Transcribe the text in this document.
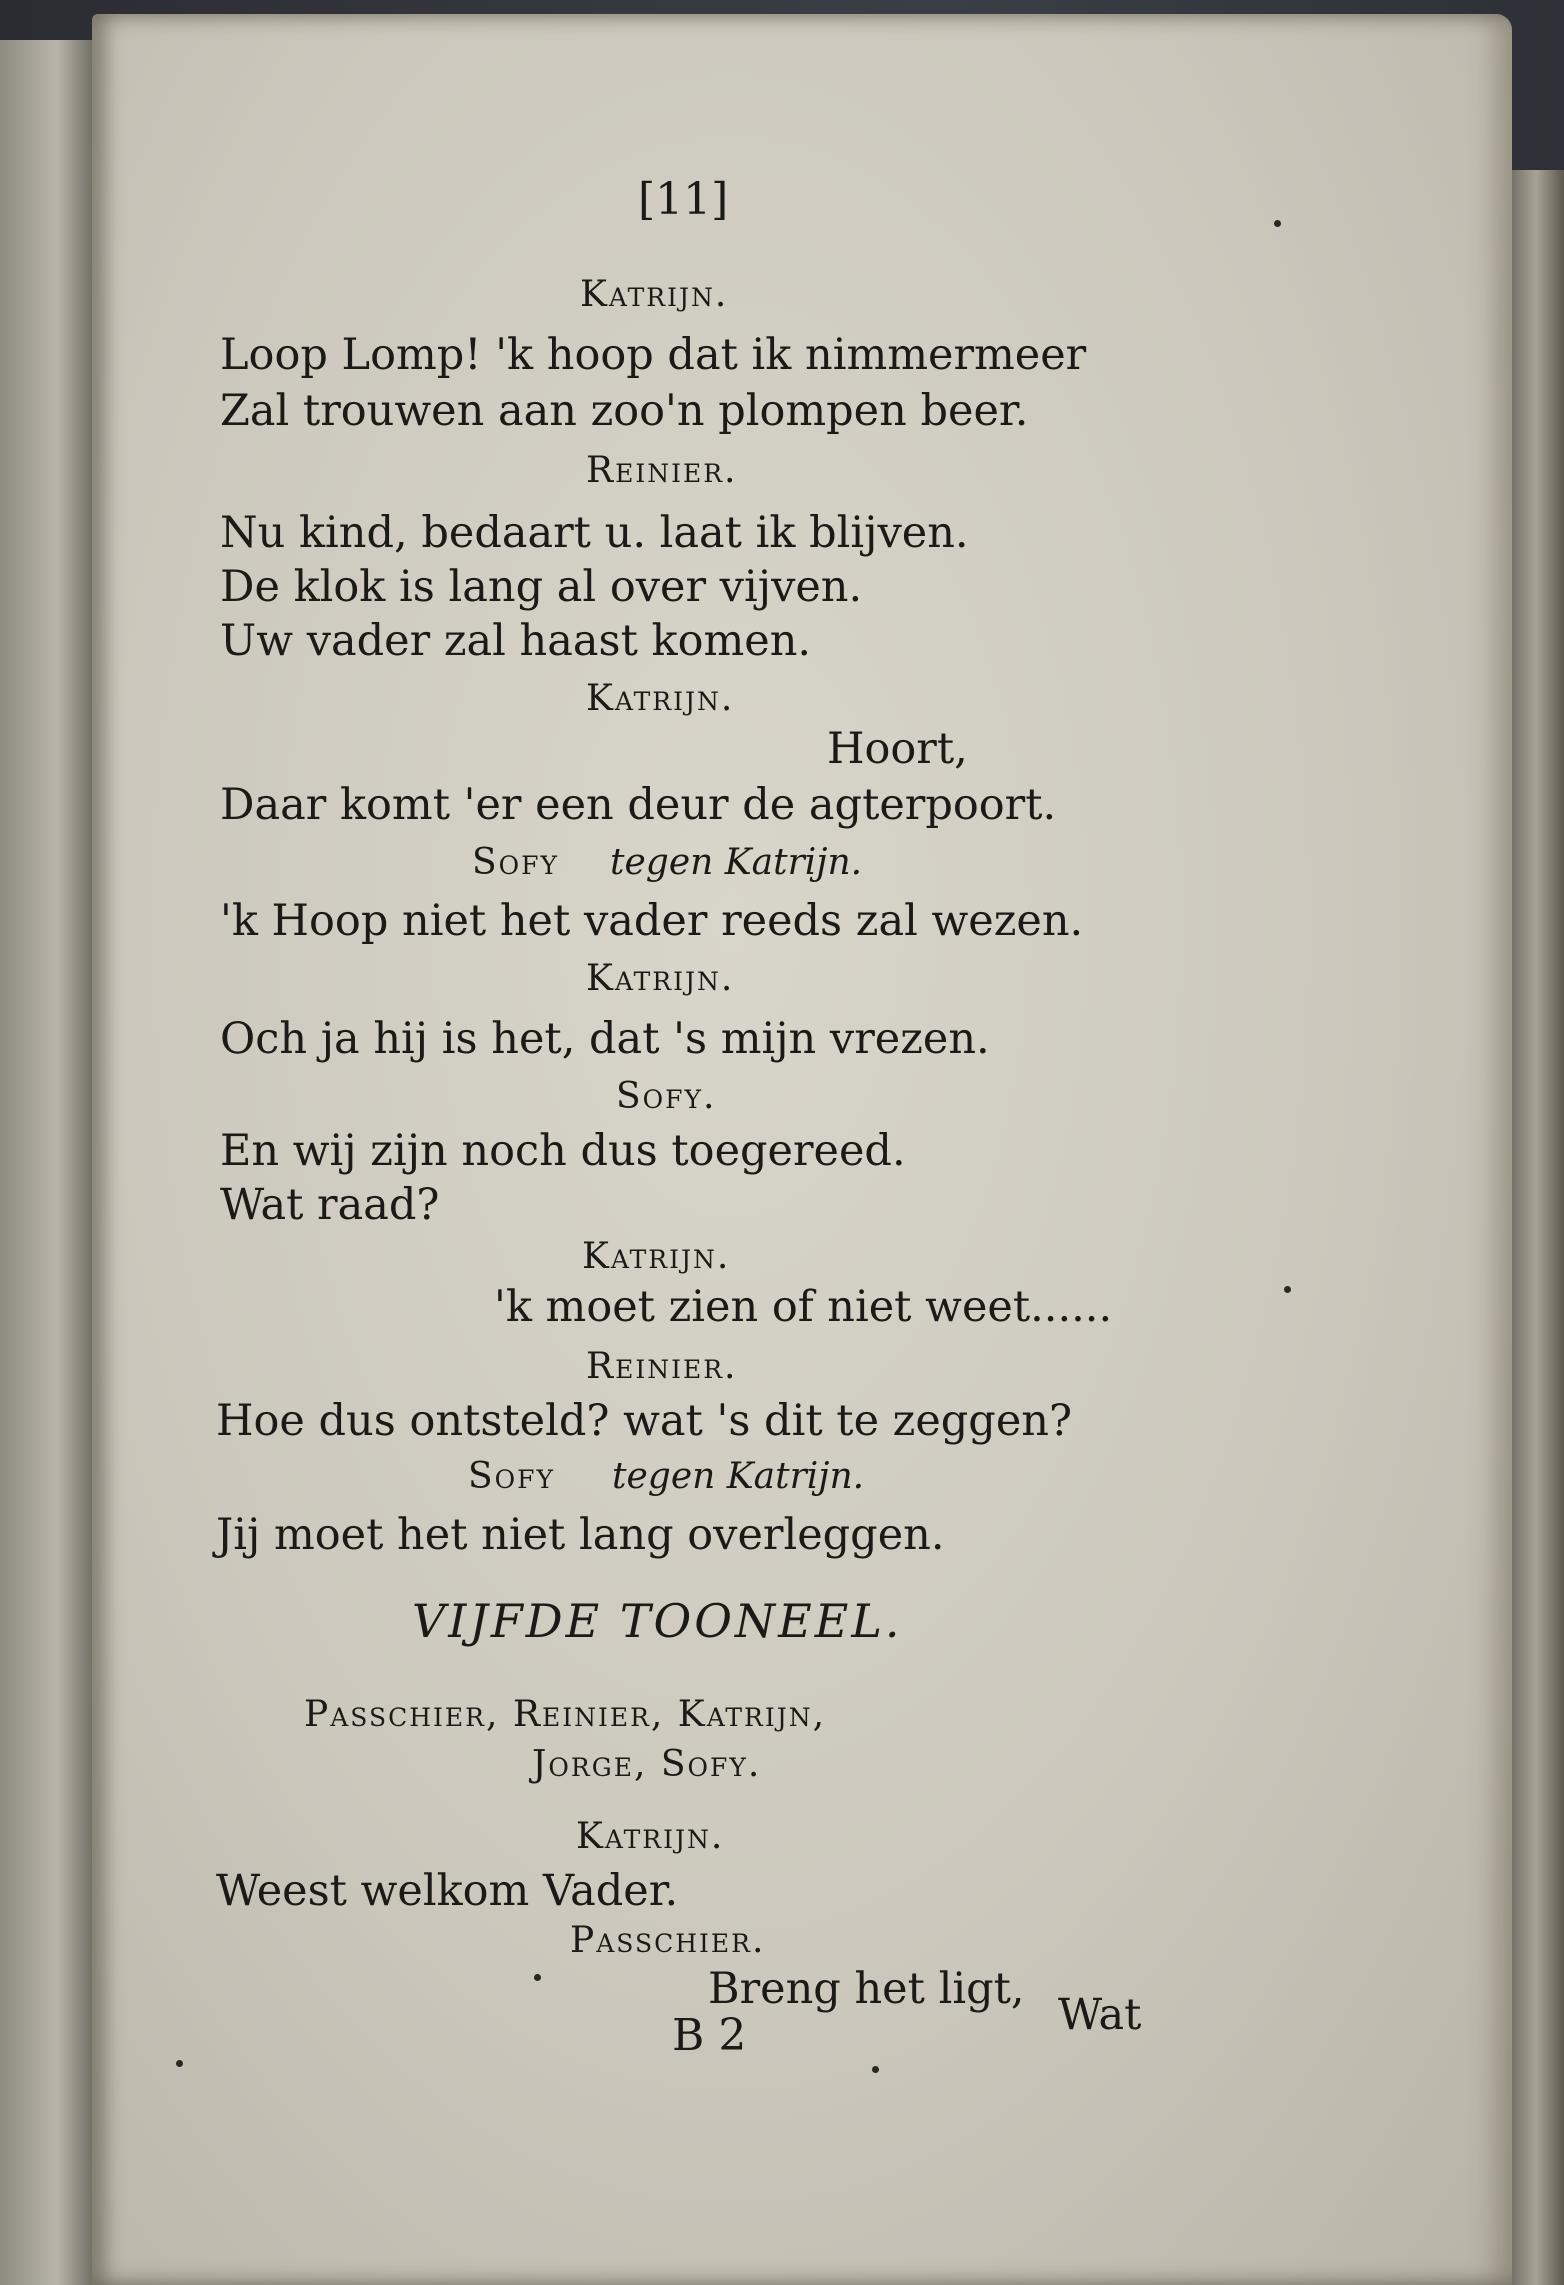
[11]
Katrijn.
Loop Lomp! 'k hoop dat ik nimmermeer
Zal trouwen aan zoo'n plompen beer.
Reinier.
Nu kind, bedaart u. laat ik blijven.
De klok is lang al over vijven.
Uw vader zal haast komen.
Katrijn.
Hoort,
Daar komt 'er een deur de agterpoort.
Sofy tegen Katrijn.
'k Hoop niet het vader reeds zal wezen.
Katrijn.
Och ja hij is het, dat 's mijn vrezen.
Sofy.
En wij zijn noch dus toegereed.
Wat raad?
Katrijn.
'k moet zien of niet weet......
Reinier.
Hoe dus ontsteld? wat 's dit te zeggen?
Sofy tegen Katrijn.
Jij moet het niet lang overleggen.
VIJFDE TOONEEL.
Passchier, Reinier, Katrijn,
Jorge, Sofy.
Katrijn.
Weest welkom Vader.
Passchier.
Breng het ligt,
B 2	Wat
